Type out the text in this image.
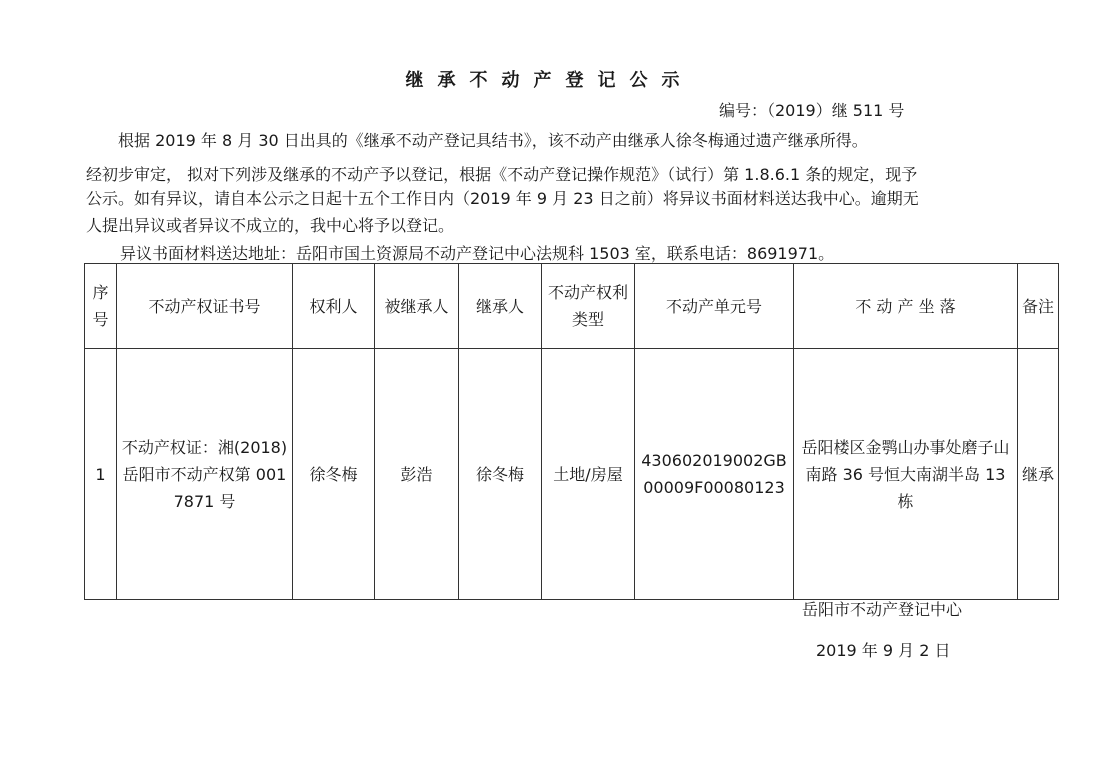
继承不动产登记公示
编号：（2019）继 511 号
根据 2019 年 8 月 30 日出具的《继承不动产登记具结书》，该不动产由继承人徐冬梅通过遗产继承所得。
经初步审定， 拟对下列涉及继承的不动产予以登记，根据《不动产登记操作规范》（试行）第 1.8.6.1 条的规定，现予
公示。如有异议，请自本公示之日起十五个工作日内（2019 年 9 月 23 日之前）将异议书面材料送达我中心。逾期无
人提出异议或者异议不成立的，我中心将予以登记。
异议书面材料送达地址：岳阳市国土资源局不动产登记中心法规科 1503 室，联系电话：8691971。
序号	不动产权证书号	权利人	被继承人	继承人	不动产权利类型	不动产单元号	不 动 产 坐 落	备注
1	不动产权证：湘(2018)岳阳市不动产权第 0017871 号	徐冬梅	彭浩	徐冬梅	土地/房屋	430602019002GB00009F00080123	岳阳楼区金鹗山办事处磨子山南路 36 号恒大南湖半岛 13 栋	继承
岳阳市不动产登记中心
2019 年 9 月 2 日
